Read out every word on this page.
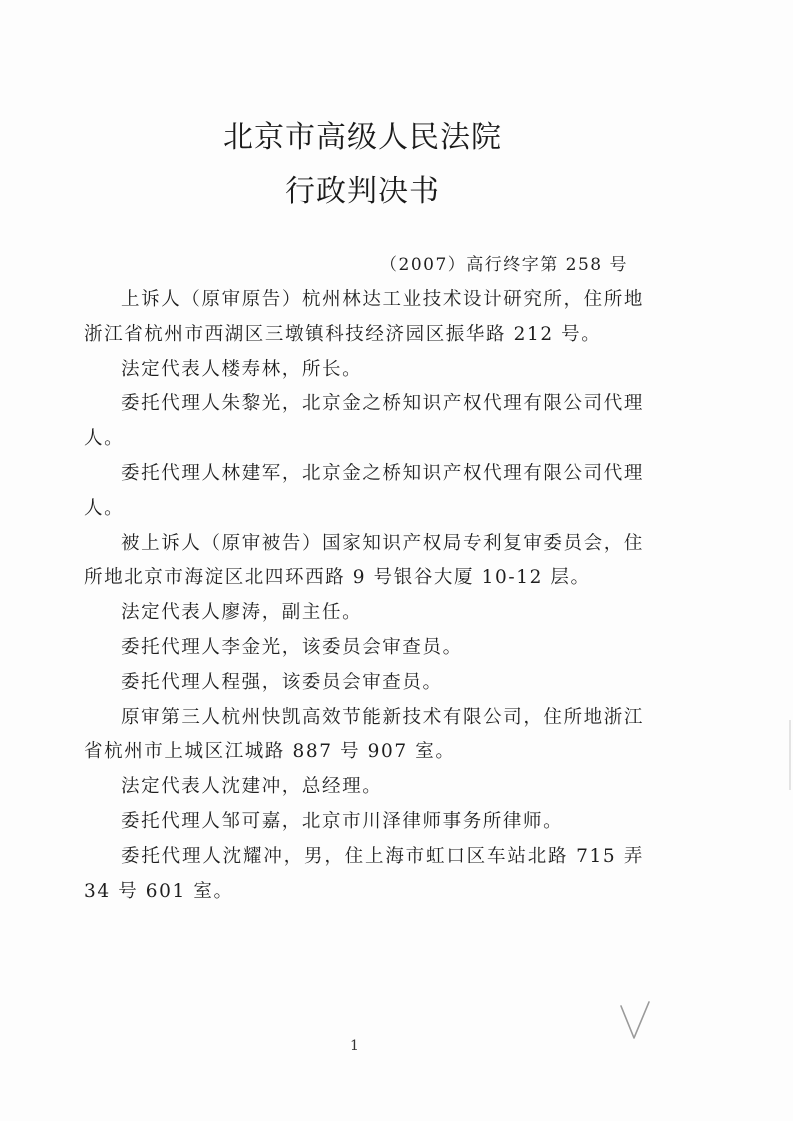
北京市高级人民法院
行政判决书
（2007）高行终字第 258 号

上诉人（原审原告）杭州林达工业技术设计研究所，住所地浙江省杭州市西湖区三墩镇科技经济园区振华路 212 号。

法定代表人楼寿林，所长。

委托代理人朱黎光，北京金之桥知识产权代理有限公司代理人。

委托代理人林建军，北京金之桥知识产权代理有限公司代理人。

被上诉人（原审被告）国家知识产权局专利复审委员会，住所地北京市海淀区北四环西路 9 号银谷大厦 10-12 层。

法定代表人廖涛，副主任。

委托代理人李金光，该委员会审查员。

委托代理人程强，该委员会审查员。

原审第三人杭州快凯高效节能新技术有限公司，住所地浙江省杭州市上城区江城路 887 号 907 室。

法定代表人沈建冲，总经理。

委托代理人邹可嘉，北京市川泽律师事务所律师。

委托代理人沈耀冲，男，住上海市虹口区车站北路 715 弄 34 号 601 室。

1
